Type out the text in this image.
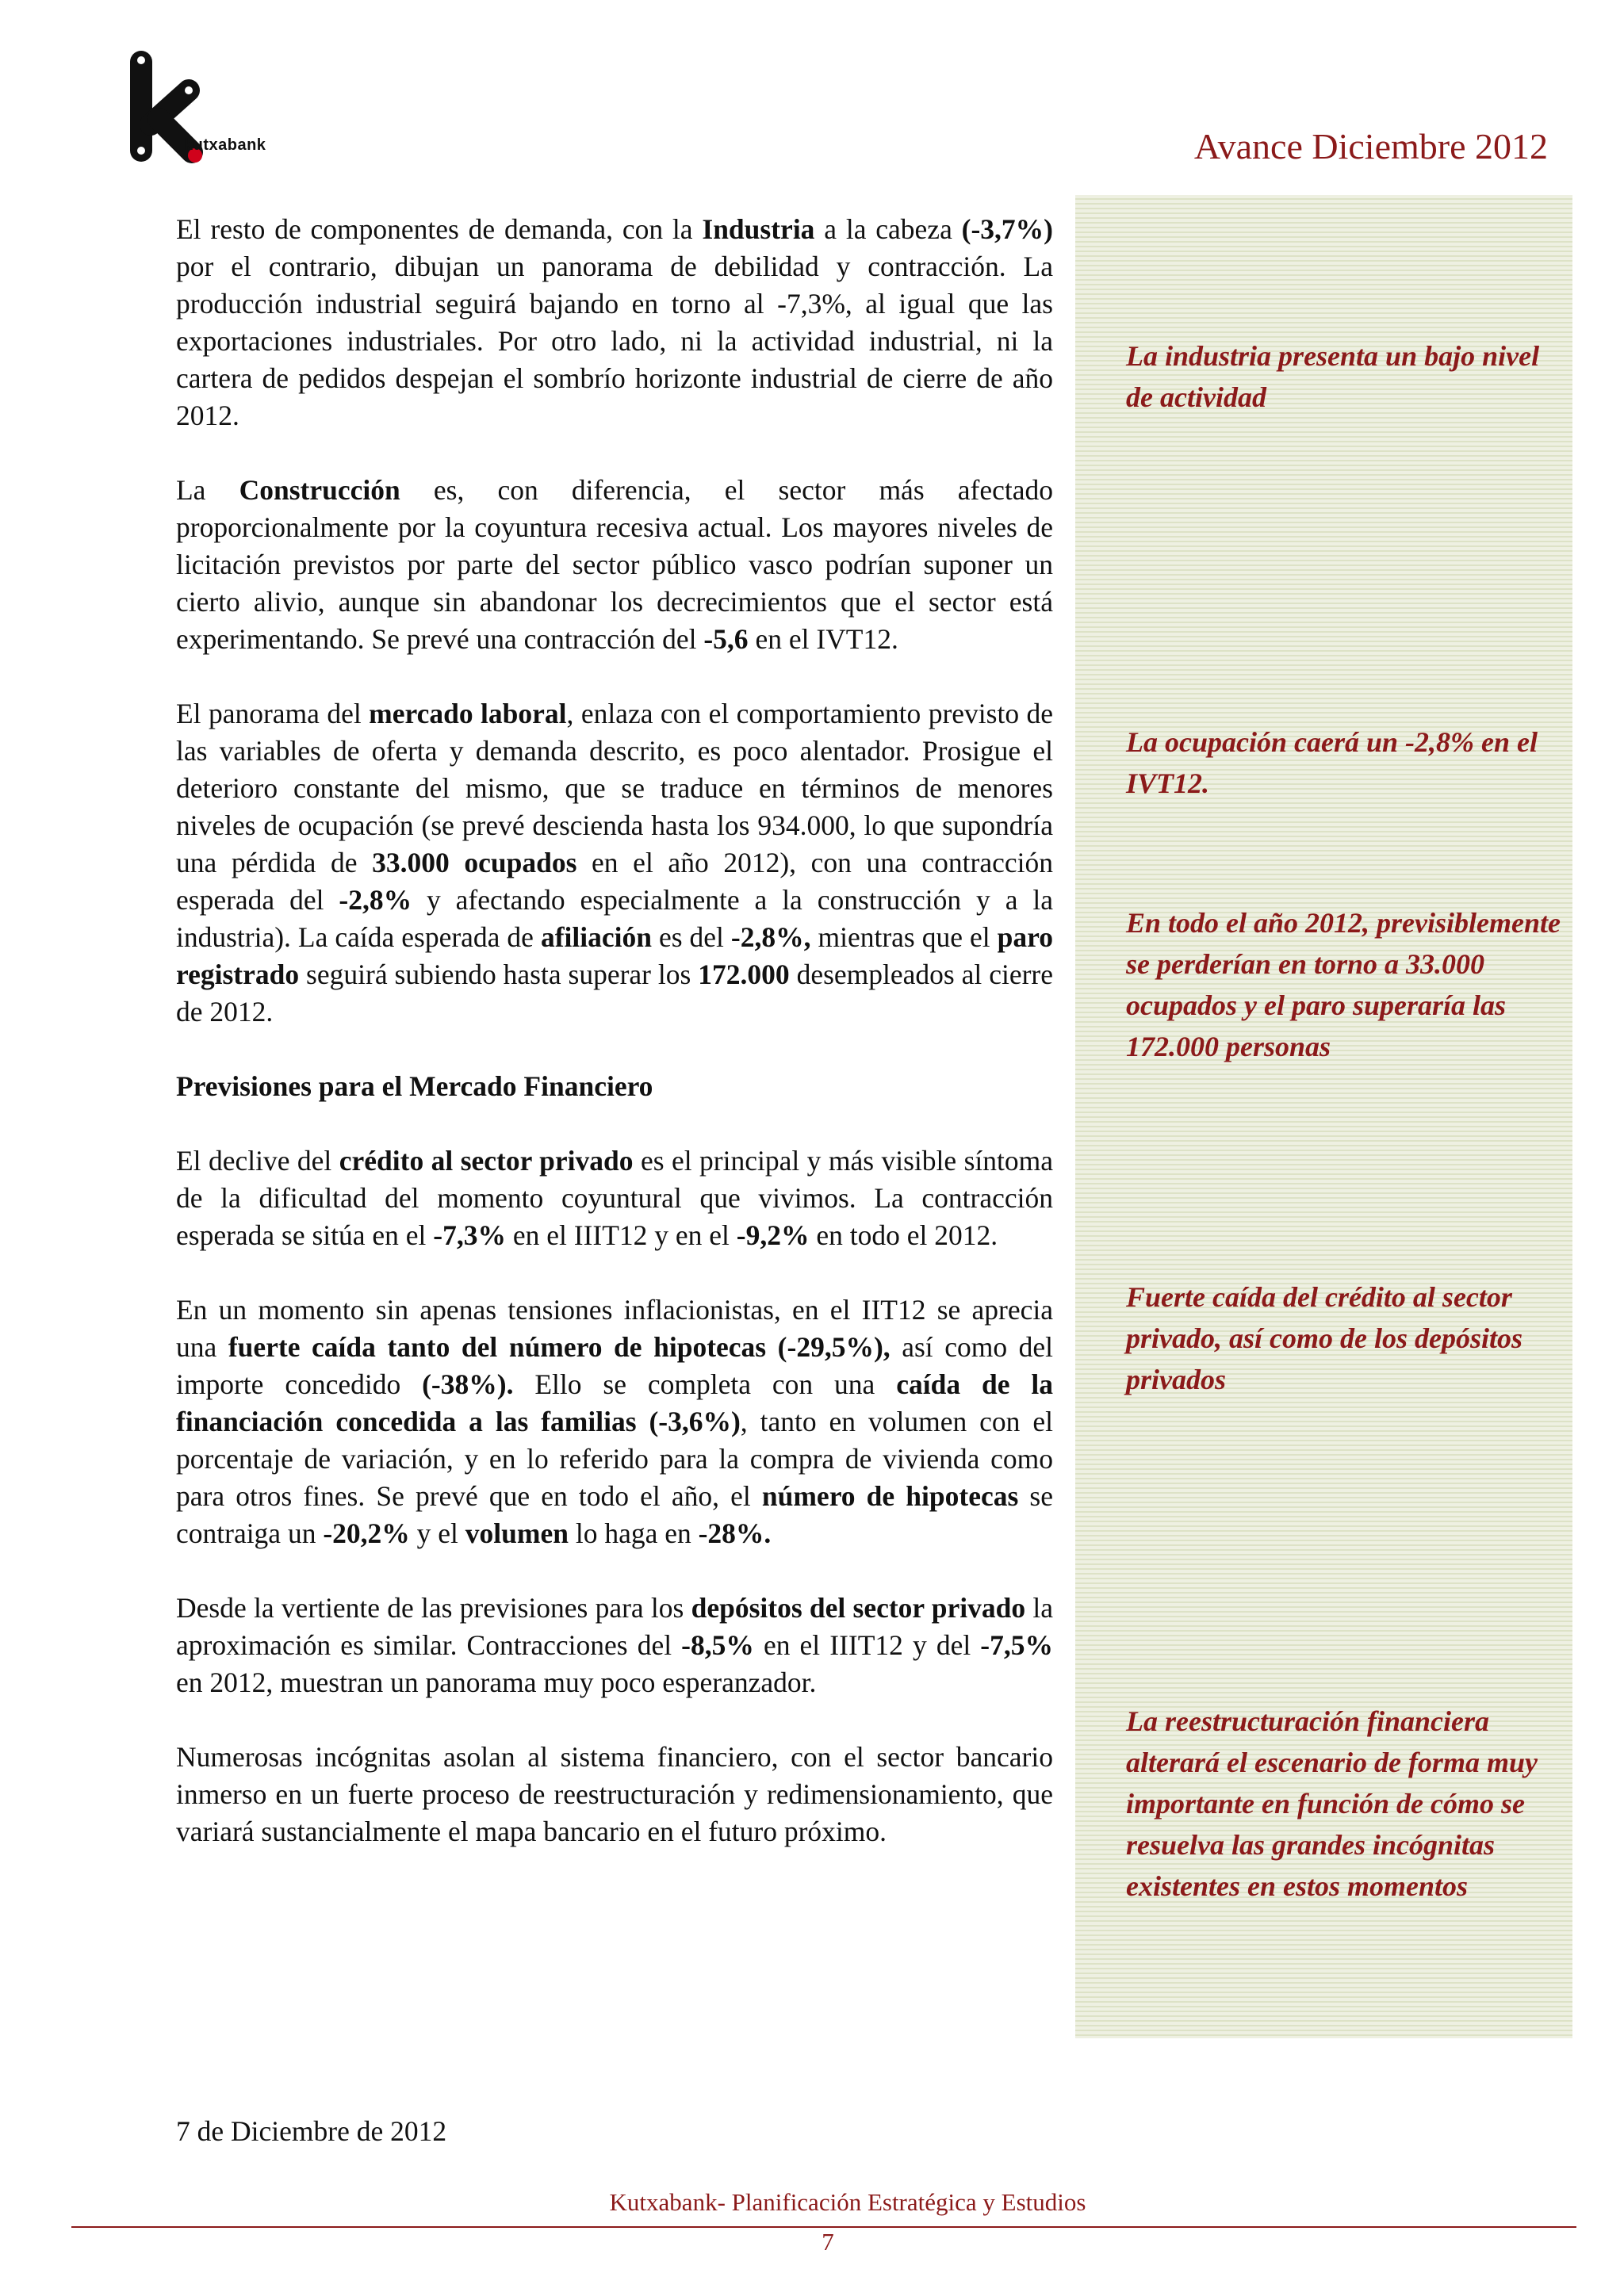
kutxabank	Avance Diciembre 2012
La industria presenta un bajo nivel de actividad
La ocupación caerá un -2,8% en el IVT12.
En todo el año 2012, previsiblemente se perderían en torno a 33.000 ocupados y el paro superaría las 172.000 personas
Fuerte caída del crédito al sector privado, así como de los depósitos privados
La reestructuración financiera alterará el escenario de forma muy importante en función de cómo se resuelva las grandes incógnitas existentes en estos momentos

El resto de componentes de demanda, con la Industria a la cabeza (-3,7%) por el contrario, dibujan un panorama de debilidad y contracción. La producción industrial seguirá bajando en torno al -7,3%, al igual que las exportaciones industriales. Por otro lado, ni la actividad industrial, ni la cartera de pedidos despejan el sombrío horizonte industrial de cierre de año 2012.

La Construcción es, con diferencia, el sector más afectado proporcionalmente por la coyuntura recesiva actual. Los mayores niveles de licitación previstos por parte del sector público vasco podrían suponer un cierto alivio, aunque sin abandonar los decrecimientos que el sector está experimentando. Se prevé una contracción del -5,6 en el IVT12.

El panorama del mercado laboral, enlaza con el comportamiento previsto de las variables de oferta y demanda descrito, es poco alentador. Prosigue el deterioro constante del mismo, que se traduce en términos de menores niveles de ocupación (se prevé descienda hasta los 934.000, lo que supondría una pérdida de 33.000 ocupados en el año 2012), con una contracción esperada del -2,8% y afectando especialmente a la construcción y a la industria). La caída esperada de afiliación es del -2,8%, mientras que el paro registrado seguirá subiendo hasta superar los 172.000 desempleados al cierre de 2012.

Previsiones para el Mercado Financiero

El declive del crédito al sector privado es el principal y más visible síntoma de la dificultad del momento coyuntural que vivimos. La contracción esperada se sitúa en el -7,3% en el IIIT12 y en el -9,2% en todo el 2012.

En un momento sin apenas tensiones inflacionistas, en el IIT12 se aprecia una fuerte caída tanto del número de hipotecas (-29,5%), así como del importe concedido (-38%). Ello se completa con una caída de la financiación concedida a las familias (-3,6%), tanto en volumen con el porcentaje de variación, y en lo referido para la compra de vivienda como para otros fines. Se prevé que en todo el año, el número de hipotecas se contraiga un -20,2% y el volumen lo haga en -28%.

Desde la vertiente de las previsiones para los depósitos del sector privado la aproximación es similar. Contracciones del -8,5% en el IIIT12 y del -7,5% en 2012, muestran un panorama muy poco esperanzador.

Numerosas incógnitas asolan al sistema financiero, con el sector bancario inmerso en un fuerte proceso de reestructuración y redimensionamiento, que variará sustancialmente el mapa bancario en el futuro próximo.

7 de Diciembre de 2012
Kutxabank- Planificación Estratégica y Estudios
7
